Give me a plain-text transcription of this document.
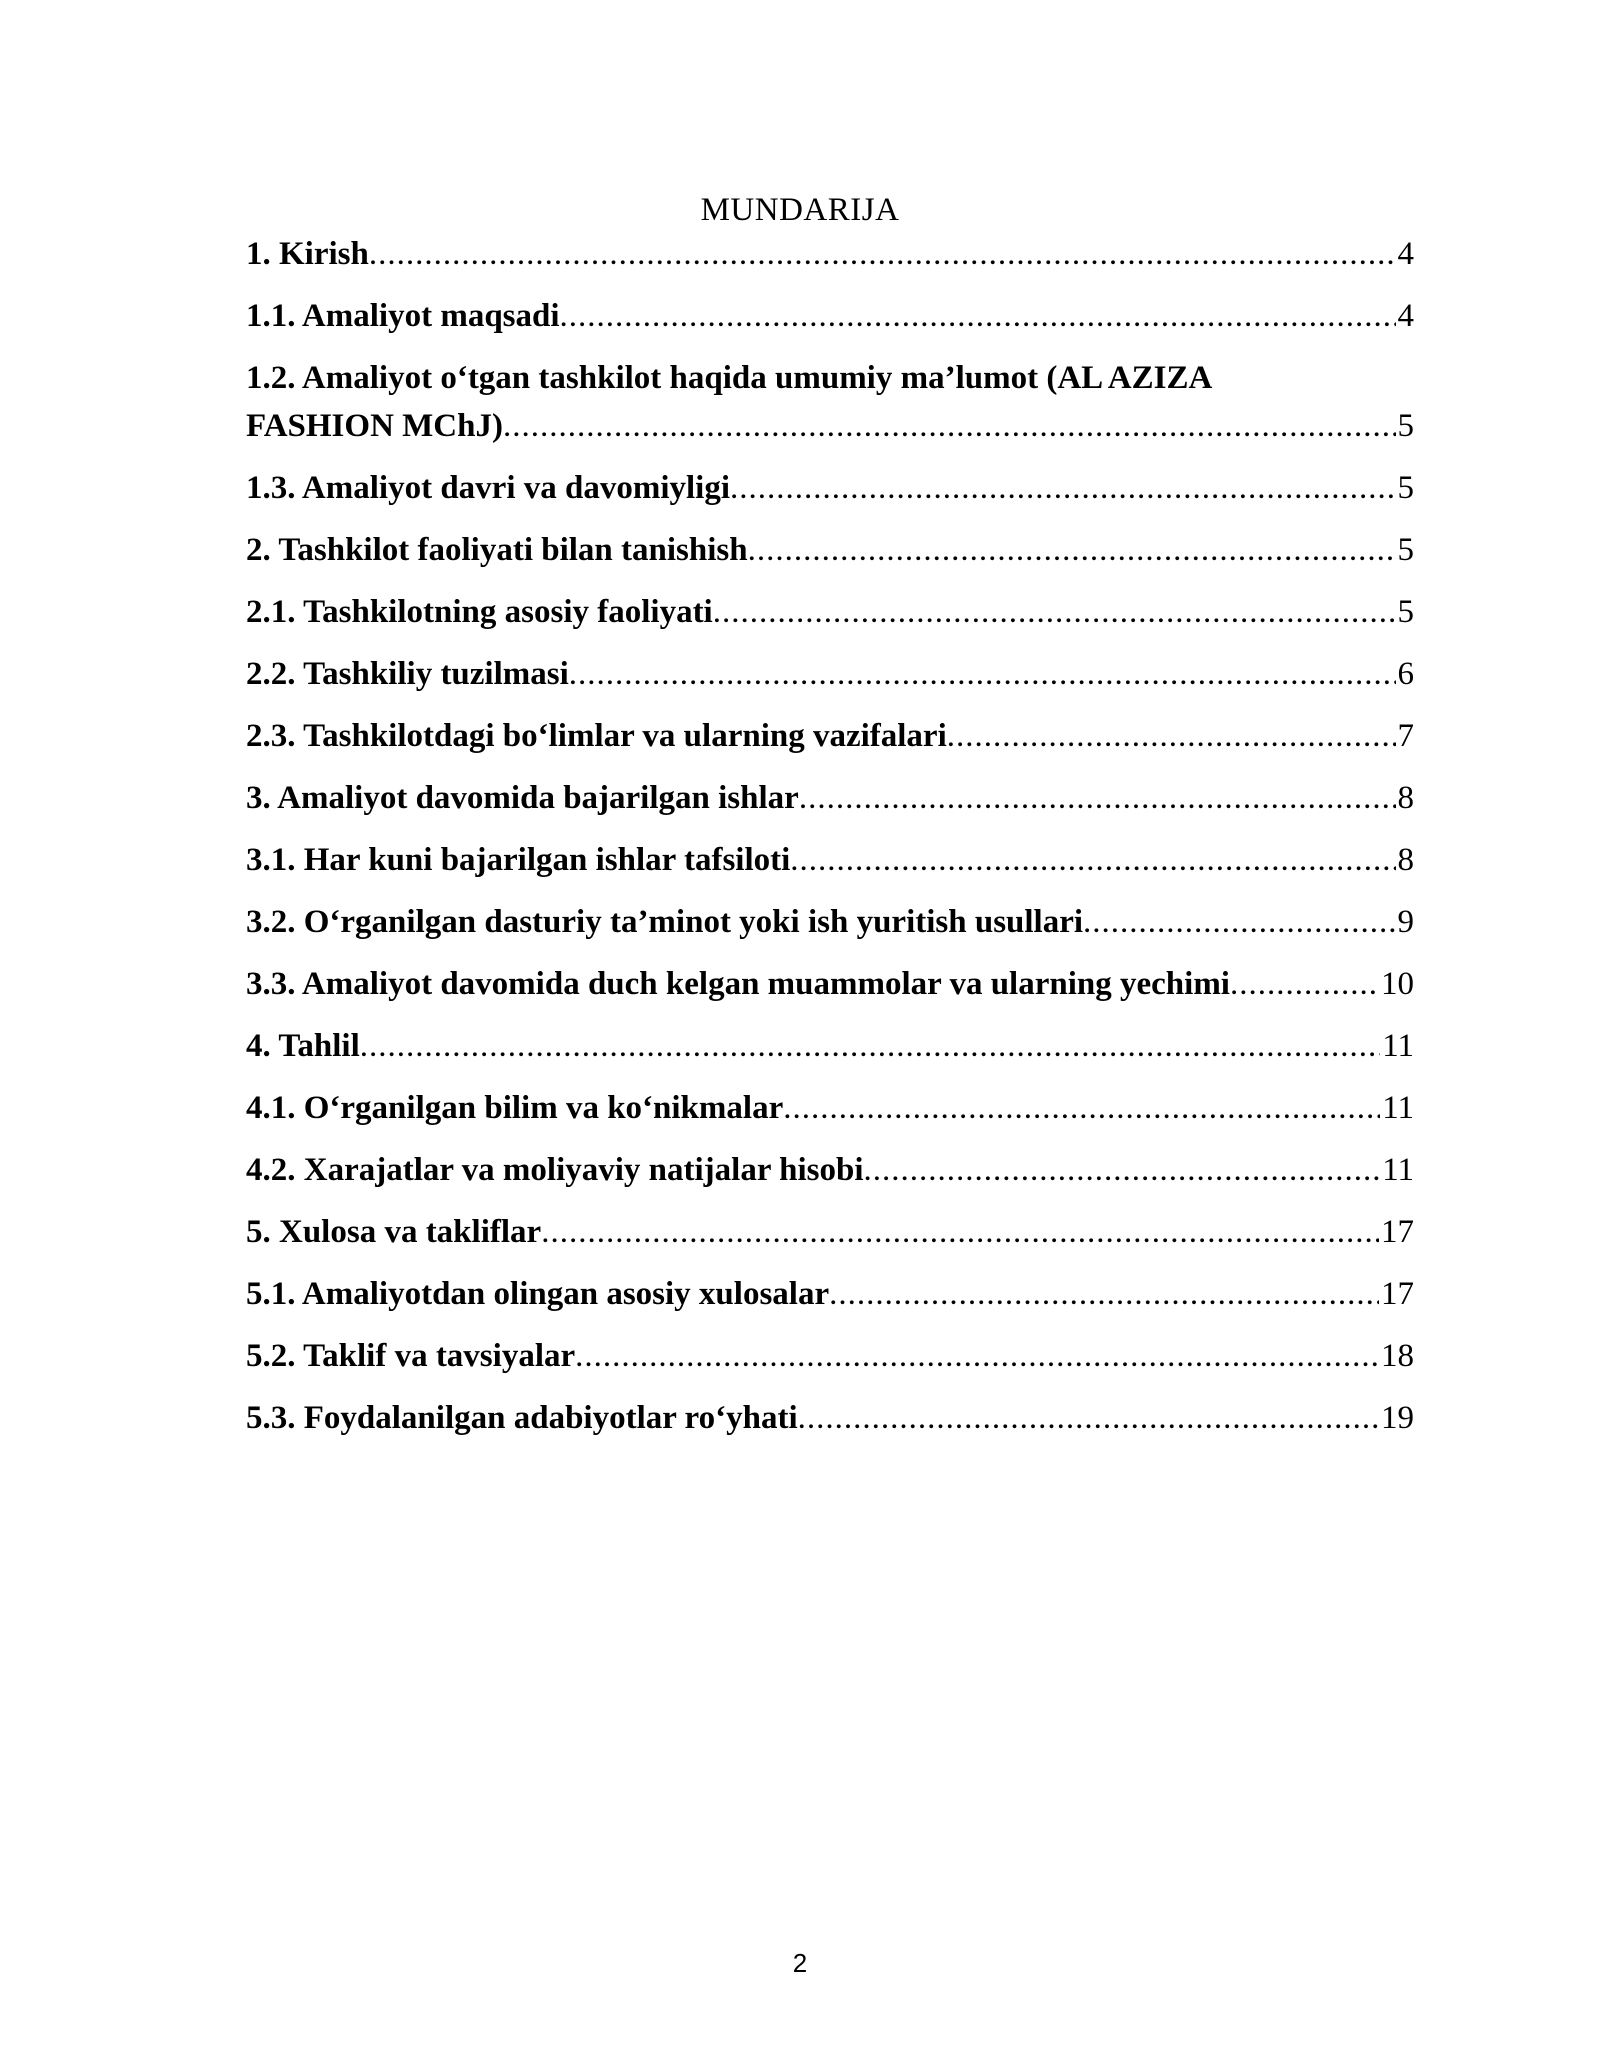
MUNDARIJA
1. Kirish .....	4
1.1. Amaliyot maqsadi .....	4
1.2. Amaliyot o‘tgan tashkilot haqida umumiy ma’lumot (AL AZIZA
FASHION MChJ) .....	5
1.3. Amaliyot davri va davomiyligi .....	5
2. Tashkilot faoliyati bilan tanishish .....	5
2.1. Tashkilotning asosiy faoliyati .....	5
2.2. Tashkiliy tuzilmasi .....	6
2.3. Tashkilotdagi bo‘limlar va ularning vazifalari .....	7
3. Amaliyot davomida bajarilgan ishlar .....	8
3.1. Har kuni bajarilgan ishlar tafsiloti .....	8
3.2. O‘rganilgan dasturiy ta’minot yoki ish yuritish usullari .....	9
3.3. Amaliyot davomida duch kelgan muammolar va ularning yechimi .....	10
4. Tahlil .....	11
4.1. O‘rganilgan bilim va ko‘nikmalar .....	11
4.2. Xarajatlar va moliyaviy natijalar hisobi .....	11
5. Xulosa va takliflar .....	17
5.1. Amaliyotdan olingan asosiy xulosalar .....	17
5.2. Taklif va tavsiyalar .....	18
5.3. Foydalanilgan adabiyotlar ro‘yhati .....	19
2
